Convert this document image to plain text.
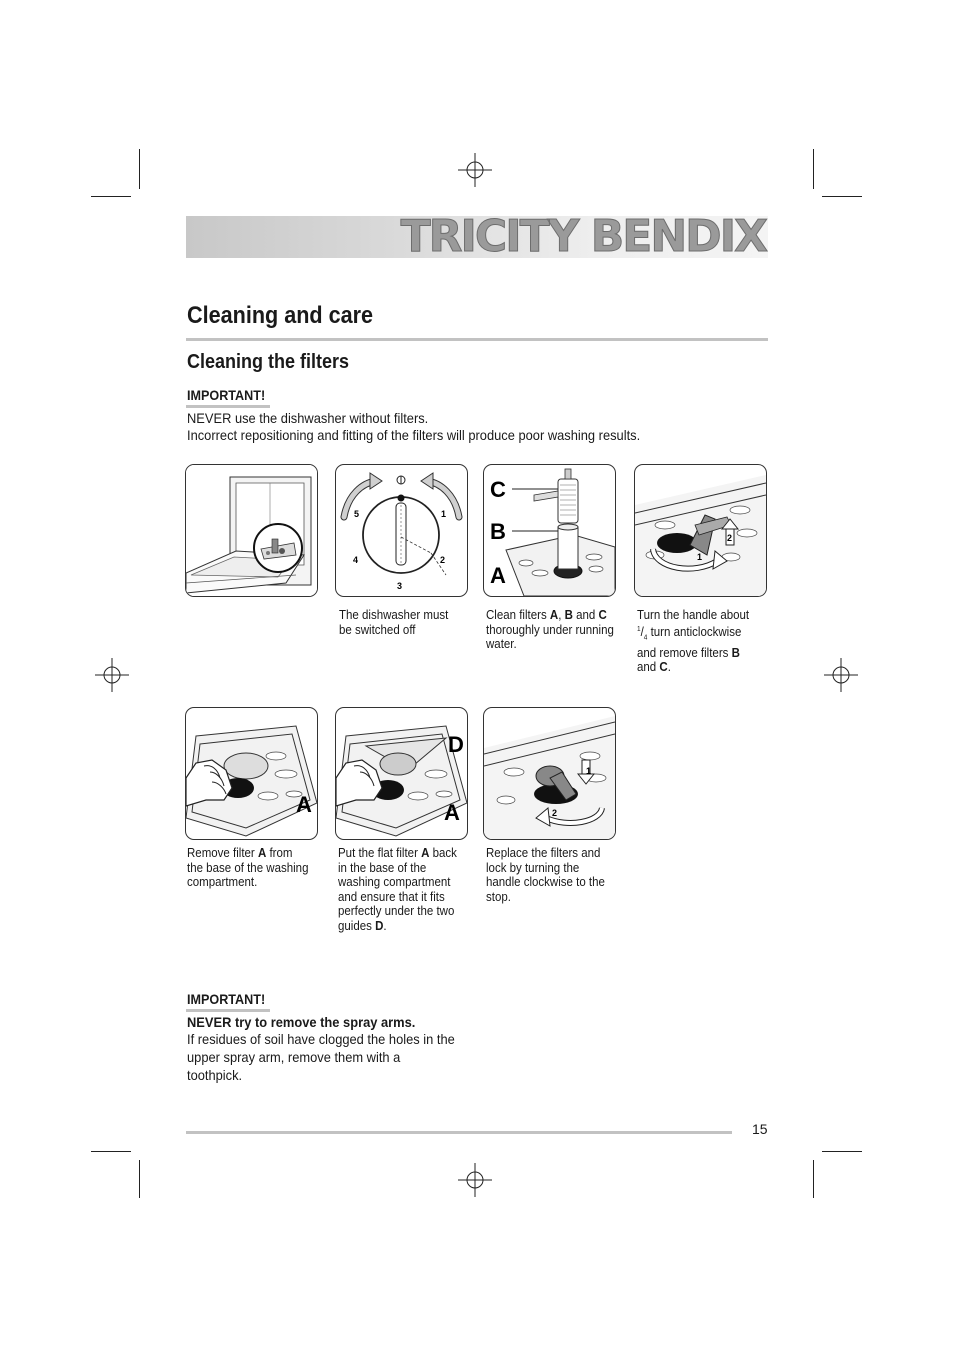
TRICITY BENDIX
Cleaning and care
Cleaning the filters
IMPORTANT!
NEVER use the dishwasher without filters.
Incorrect repositioning and fitting of the filters will produce poor washing results.
1
2
3
4
5
C
B
A
1
2
The dishwasher must be switched off
Clean filters A, B and C thoroughly under running water.
Turn the handle about $^1/_4$ turn anticlockwise and remove filters B and C.
A
D
A
1
2
Remove filter A from the base of the washing compartment.
Put the flat filter A back in the base of the washing compartment and ensure that it fits perfectly under the two guides D.
Replace the filters and lock by turning the handle clockwise to the stop.
IMPORTANT!
NEVER try to remove the spray arms.
If residues of soil have clogged the holes in the
upper spray arm, remove them with a
toothpick.
15
